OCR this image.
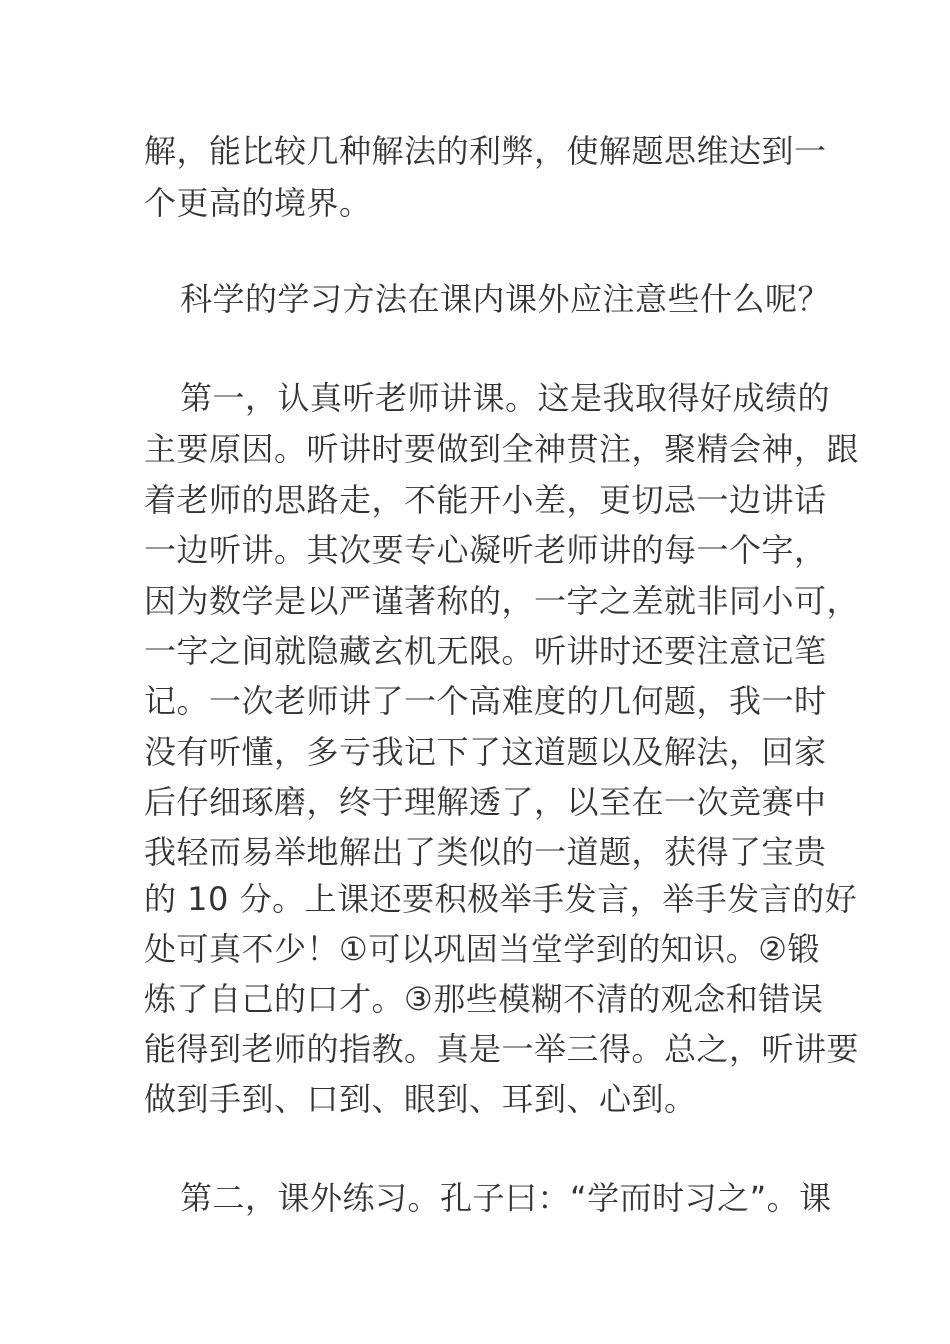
解，能比较几种解法的利弊，使解题思维达到一
个更高的境界。
科学的学习方法在课内课外应注意些什么呢？
第一，认真听老师讲课。这是我取得好成绩的
主要原因。听讲时要做到全神贯注，聚精会神，跟
着老师的思路走，不能开小差，更切忌一边讲话
一边听讲。其次要专心凝听老师讲的每一个字，
因为数学是以严谨著称的，一字之差就非同小可，
一字之间就隐藏玄机无限。听讲时还要注意记笔
记。一次老师讲了一个高难度的几何题，我一时
没有听懂，多亏我记下了这道题以及解法，回家
后仔细琢磨，终于理解透了，以至在一次竞赛中
我轻而易举地解出了类似的一道题，获得了宝贵
的 10 分。上课还要积极举手发言，举手发言的好
处可真不少！①可以巩固当堂学到的知识。②锻
炼了自己的口才。③那些模糊不清的观念和错误
能得到老师的指教。真是一举三得。总之，听讲要
做到手到、口到、眼到、耳到、心到。
第二，课外练习。孔子曰：“学而时习之”。课
